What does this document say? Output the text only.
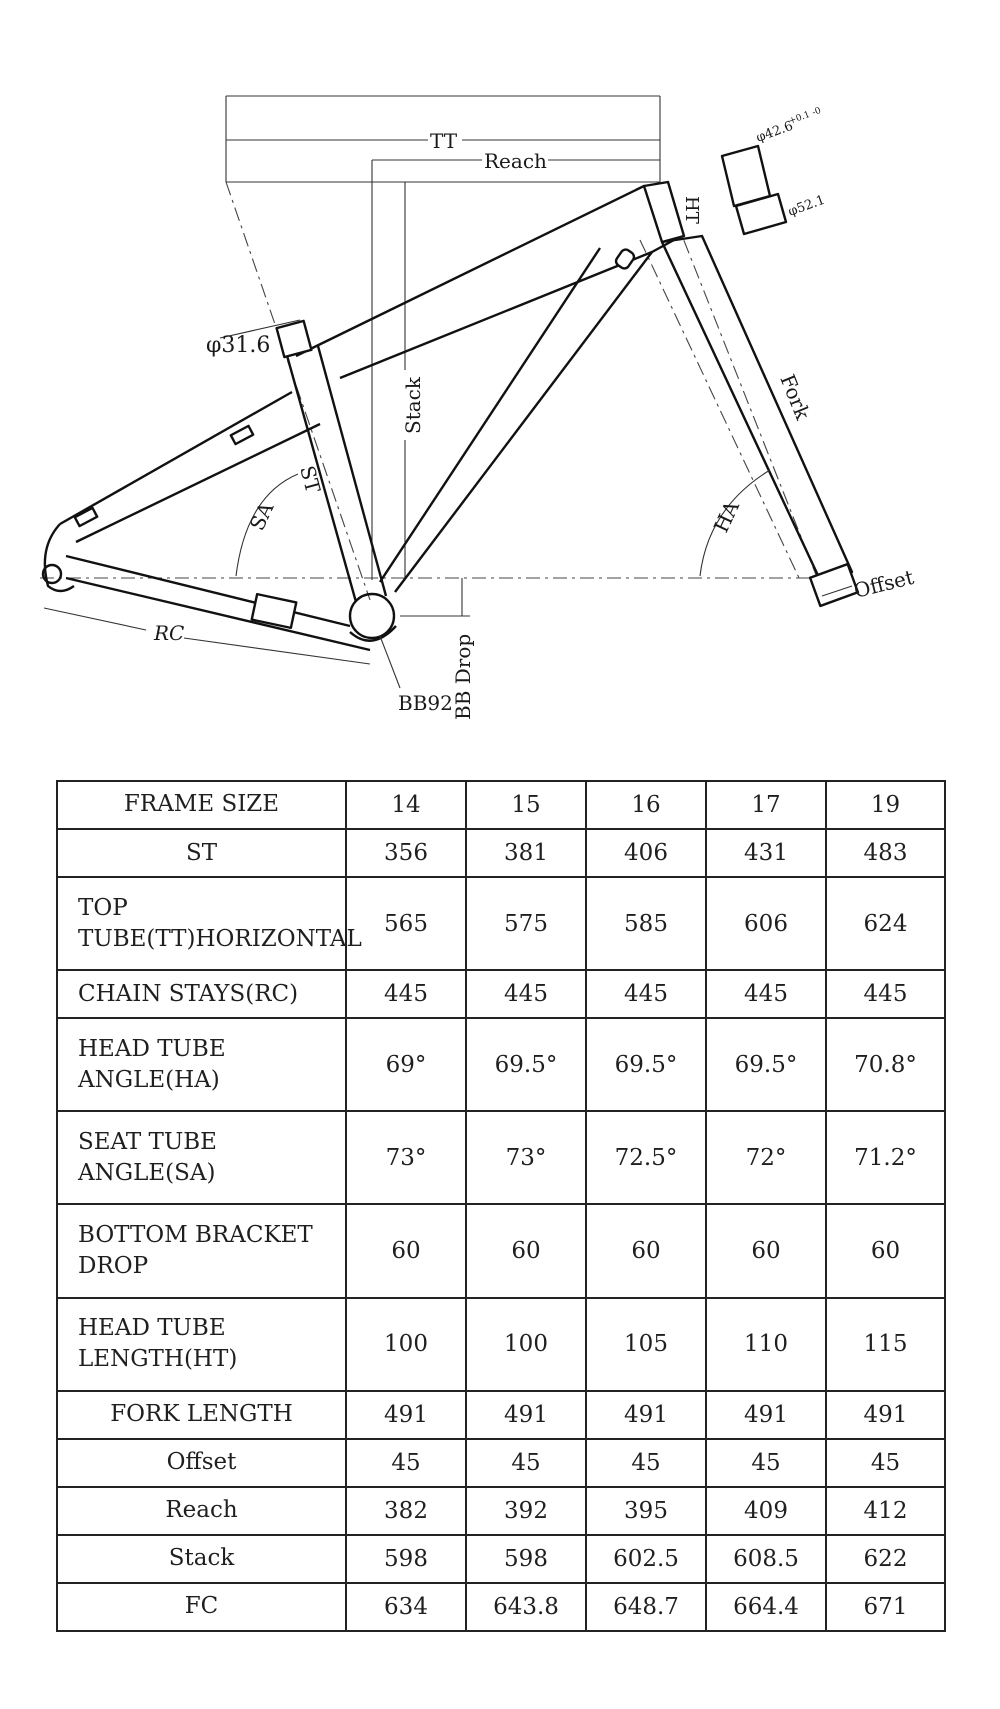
TT
Reach
Stack
φ42.6
+0.1 -0
φ52.1
HT
φ31.6
ST
SA	HA
Fork
Offset
RC
BB Drop
BB92
FRAME SIZE	14	15	16	17	19

ST	356	381	406	431	483

TOP
TUBE(TT)HORIZONTAL	565	575	585	606	624

CHAIN STAYS(RC)	445	445	445	445	445

HEAD TUBE
ANGLE(HA)	69°	69.5°	69.5°	69.5°	70.8°

SEAT TUBE
ANGLE(SA)	73°	73°	72.5°	72°	71.2°

BOTTOM BRACKET
DROP	60	60	60	60	60

HEAD TUBE
LENGTH(HT)	100	100	105	110	115

FORK LENGTH	491	491	491	491	491

Offset	45	45	45	45	45

Reach	382	392	395	409	412

Stack	598	598	602.5	608.5	622

FC	634	643.8	648.7	664.4	671
